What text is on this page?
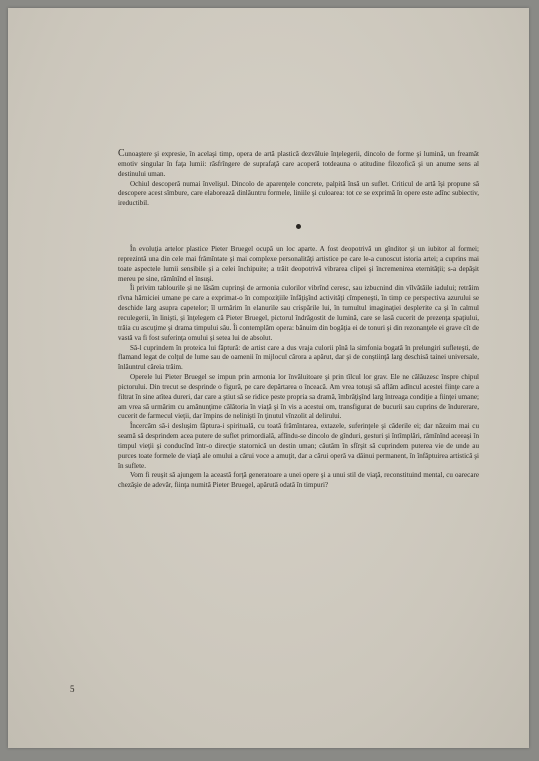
Cunoaştere şi expresie, în acelaşi timp, opera de artă plastică dezvăluie înţelegerii, dincolo de forme şi lumină, un freamăt emotiv singular în faţa lumii: răsfrîngere de suprafaţă care acoperă totdeauna o atitudine filozofică şi un anume sens al destinului uman.

Ochiul descoperă numai învelişul. Dincolo de aparenţele concrete, palpită însă un suflet. Criticul de artă îşi propune să descopere acest sîmbure, care elaborează dinlăuntru formele, liniile şi culoarea: tot ce se exprimă în opere este adînc subiectiv, ireductibil.

În evoluţia artelor plastice Pieter Bruegel ocupă un loc aparte. A fost deopotrivă un gînditor şi un iubitor al formei; reprezintă una din cele mai frămîntate şi mai complexe personalităţi artistice pe care le-a cunoscut istoria artei; a cuprins mai toate aspectele lumii sensibile şi a celei închipuite; a trăit deopotrivă vibrarea clipei şi încremenirea eternităţii; s-a depăşit mereu pe sine, rămînînd el însuşi.

Îi privim tablourile şi ne lăsăm cuprinşi de armonia culorilor vibrînd ceresc, sau izbucnind din vîlvătăile iadului; retrăim rîvna hărniciei umane pe care a exprimat-o în compoziţiile înfăţişînd activităţi cîmpeneşti, în timp ce perspectiva azurului se deschide larg asupra capetelor; îl urmărim în elanurile sau crispările lui, în tumultul imaginaţiei desplетite ca şi în calmul reculegerii, în linişti, şi înţelegem că Pieter Bruegel, pictorul îndrăgostit de lumină, care se lasă cucerit de prezenţa spaţiului, trăia cu ascuţime şi drama timpului său. Îi contemplăm opera: bănuim din bogăţia ei de tonuri şi din rezonanţele ei grave cît de vastă va fi fost suferinţa omului şi setea lui de absolut.

Să-l cuprindem în proteica lui făptură: de artist care a dus vraja culorii pînă la simfonia bogată în prelungiri sufleteşti, de flamand legat de colţul de lume sau de oamenii în mijlocul cărora a apărut, dar şi de conştiinţă larg deschisă tainei universale, înlăuntrul căreia trăim.

Operele lui Pieter Bruegel se impun prin armonia lor învăluitoare şi prin tîlcul lor grav. Ele ne călăuzesc înspre chipul pictorului. Din trecut se desprinde o figură, pe care depărtarea o înceacă. Am vrea totuşi să aflăm adîncul acestei fiinţe care a filtrat în sine atîtea dureri, dar care a ştiut să se ridice peste propria sa dramă, îmbrăţişînd larg întreaga condiţie a fiinţei umane; am vrea să urmărim cu amănunţime călătoria în viaţă şi în vis a acestui om, transfigurat de bucurii sau cuprins de îndurerare, cucerit de farmecul vieţii, dar împins de nelinişti în ţinutul vînzolit al delirului.

Încercăm să-i desluşim făptura-i spirituală, cu toată frămîntarea, extazele, suferinţele şi căderile ei; dar năzuim mai cu seamă să desprindem acea putere de suflet primordială, aflîndu-se dincolo de gînduri, gesturi şi întîmplări, rămînînd aceeaşi în timpul vieţii şi conducînd într-o direcţie statornică un destin uman; căutăm în sfîrşit să cuprindem puterea vie de unde au purces toate formele de viaţă ale omului a cărui voce a amuţit, dar a cărui operă va dăinui permanent, în înfăptuirea artistică şi în suflete.

Vom fi reuşit să ajungem la această forţă generatoare a unei opere şi a unui stil de viaţă, reconstituind mental, cu oarecare chezăşie de adevăr, fiinţa numită Pieter Bruegel, apărută odată în timpuri?

5
